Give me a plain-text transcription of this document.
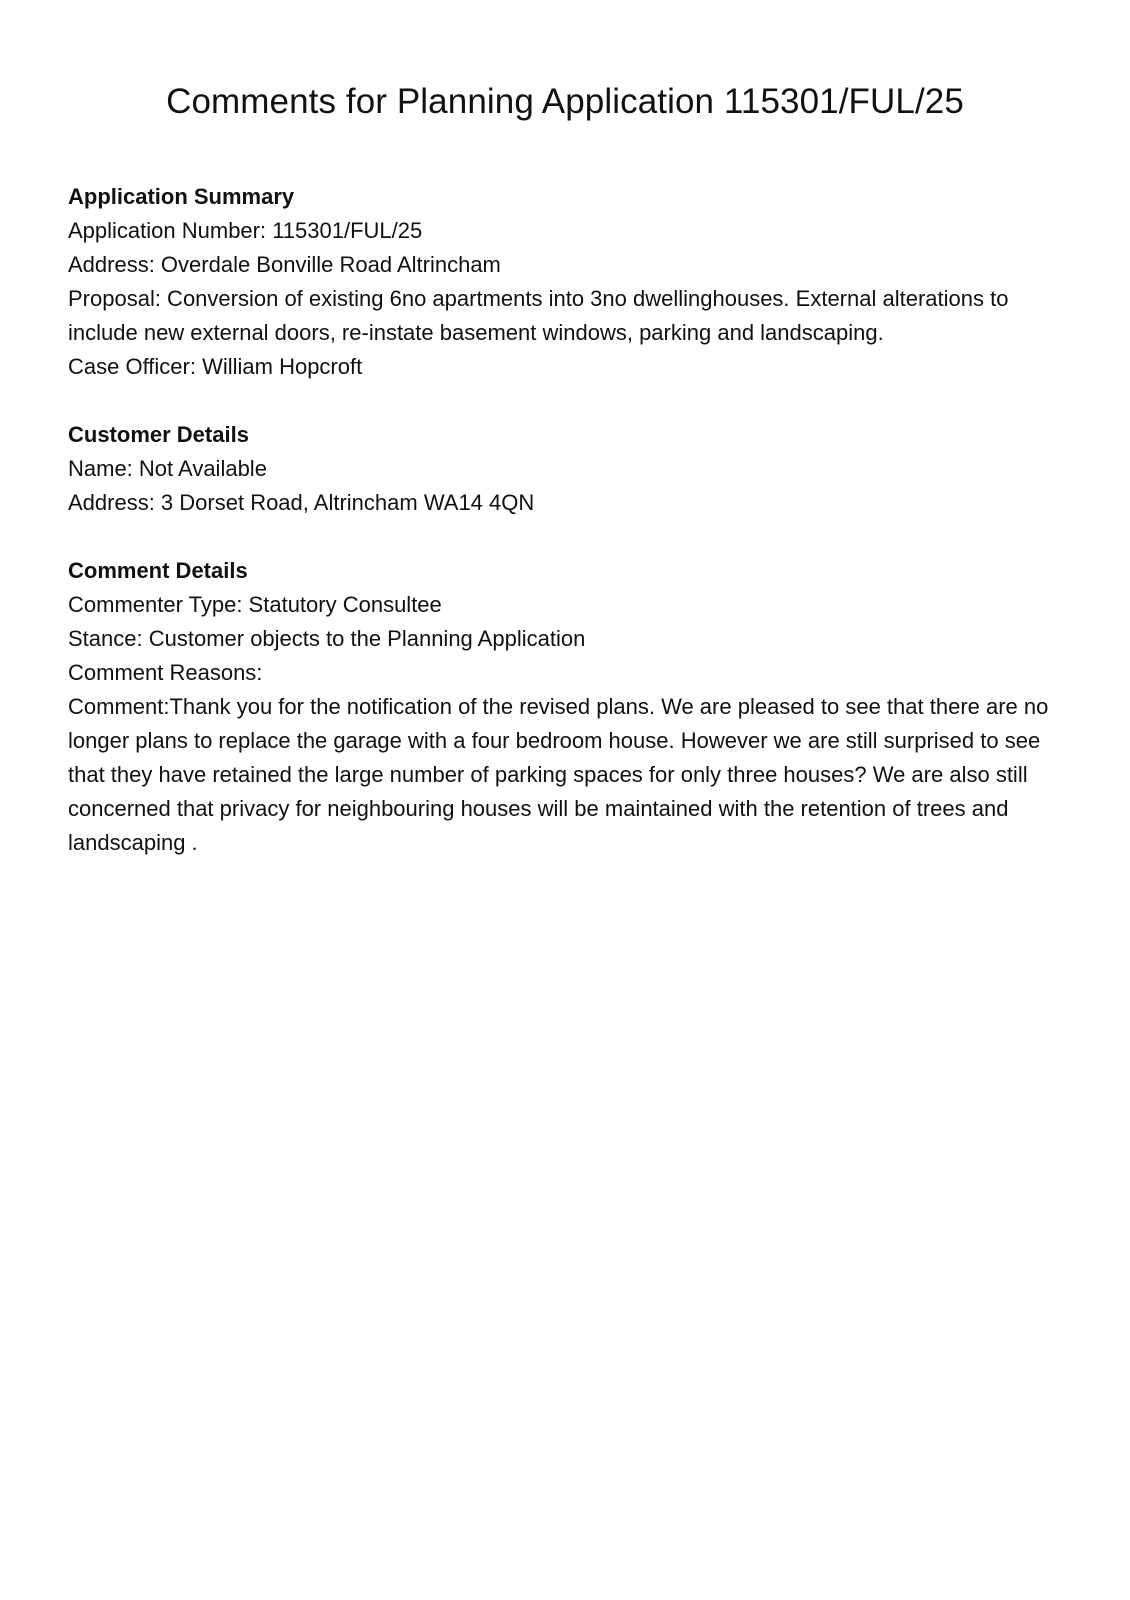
Comments for Planning Application 115301/FUL/25

Application Summary

Application Number: 115301/FUL/25

Address: Overdale Bonville Road Altrincham

Proposal: Conversion of existing 6no apartments into 3no dwellinghouses. External alterations to include new external doors, re-instate basement windows, parking and landscaping.

Case Officer: William Hopcroft

Customer Details

Name: Not Available

Address: 3 Dorset Road, Altrincham WA14 4QN

Comment Details

Commenter Type: Statutory Consultee

Stance: Customer objects to the Planning Application

Comment Reasons:

Comment:Thank you for the notification of the revised plans. We are pleased to see that there are no longer plans to replace the garage with a four bedroom house. However we are still surprised to see that they have retained the large number of parking spaces for only three houses? We are also still concerned that privacy for neighbouring houses will be maintained with the retention of trees and landscaping .
